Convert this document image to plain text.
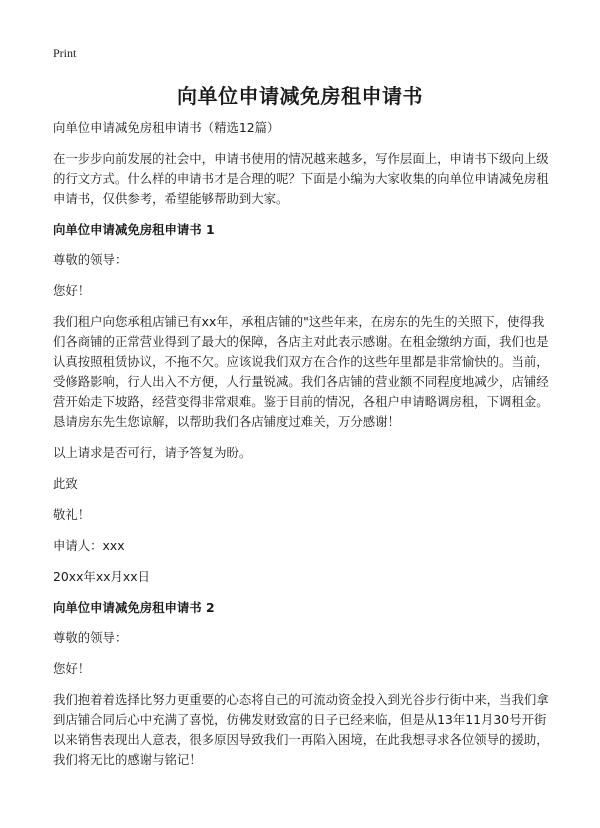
Print
向单位申请减免房租申请书

向单位申请减免房租申请书（精选12篇）

在一步步向前发展的社会中，申请书使用的情况越来越多，写作层面上，申请书下级向上级的行文方式。什么样的申请书才是合理的呢？下面是小编为大家收集的向单位申请减免房租申请书，仅供参考，希望能够帮助到大家。

向单位申请减免房租申请书 1

尊敬的领导：

您好！

我们租户向您承租店铺已有xx年，承租店铺的"这些年来，在房东的先生的关照下，使得我们各商铺的正常营业得到了最大的保障，各店主对此表示感谢。在租金缴纳方面，我们也是认真按照租赁协议，不拖不欠。应该说我们双方在合作的这些年里都是非常愉快的。当前，受修路影响，行人出入不方便，人行量锐减。我们各店铺的营业额不同程度地减少，店铺经营开始走下坡路，经营变得非常艰难。鉴于目前的情况，各租户申请略调房租，下调租金。恳请房东先生您谅解，以帮助我们各店铺度过难关，万分感谢！

以上请求是否可行，请予答复为盼。

此致

敬礼！

申请人：xxx

20xx年xx月xx日

向单位申请减免房租申请书 2

尊敬的领导：

您好！

我们抱着着选择比努力更重要的心态将自己的可流动资金投入到光谷步行街中来，当我们拿到店铺合同后心中充满了喜悦，仿佛发财致富的日子已经来临，但是从13年11月30号开街以来销售表现出人意表，很多原因导致我们一再陷入困境，在此我想寻求各位领导的援助，我们将无比的感谢与铭记！
